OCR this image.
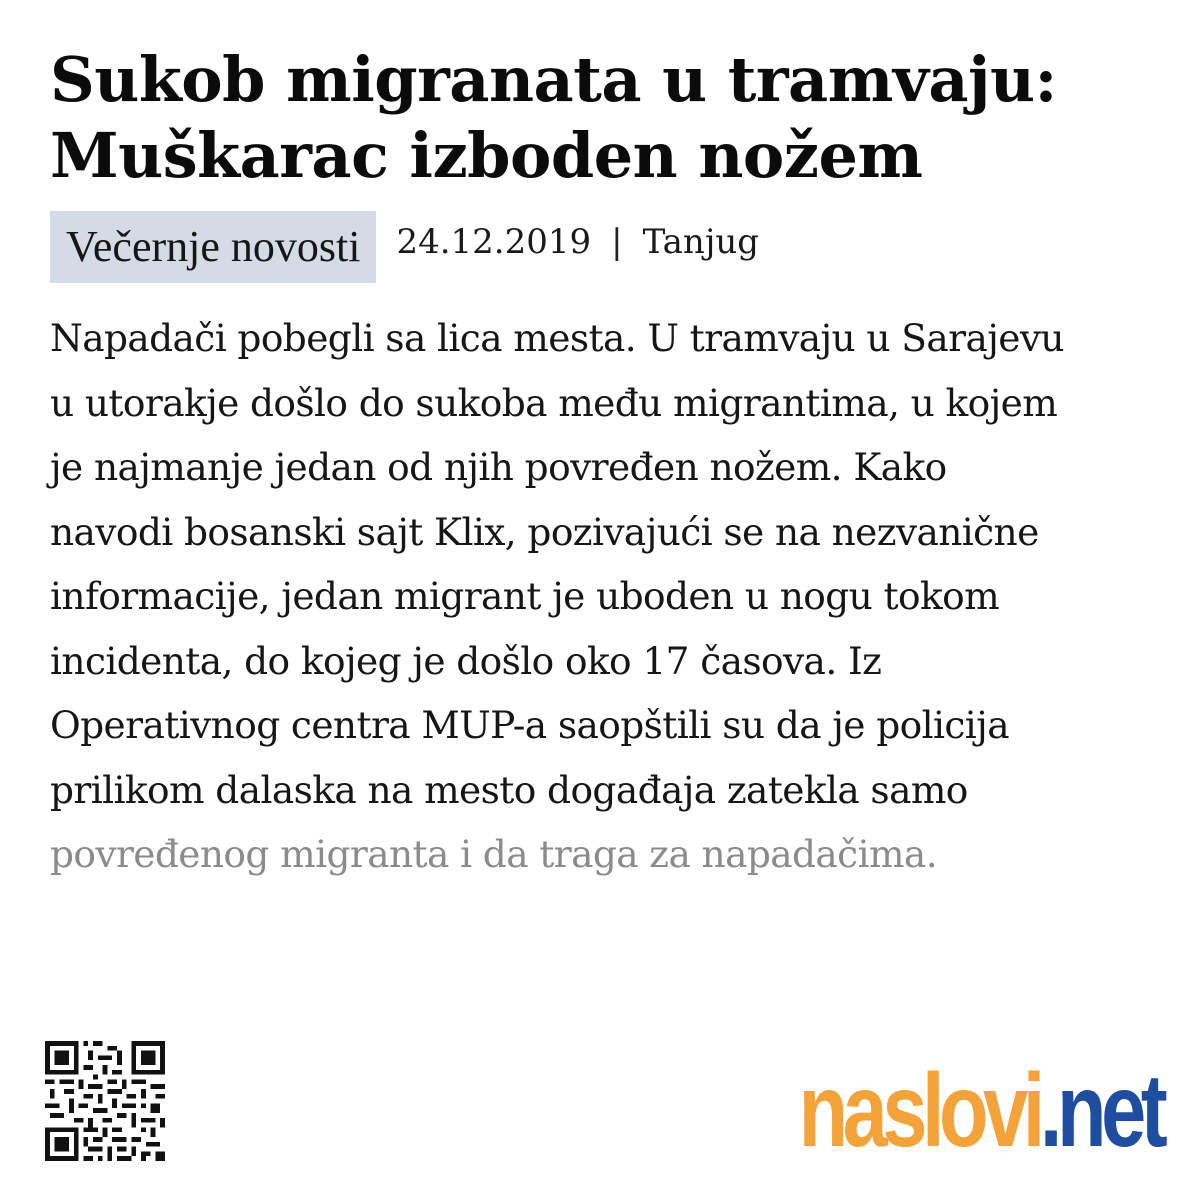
Sukob migranata u tramvaju:
Muškarac izboden nožem
Večernje novosti	24.12.2019 | Tanjug
Napadači pobegli sa lica mesta. U tramvaju u Sarajevu
u utorakje došlo do sukoba među migrantima, u kojem
je najmanje jedan od njih povređen nožem. Kako
navodi bosanski sajt Klix, pozivajući se na nezvanične
informacije, jedan migrant je uboden u nogu tokom
incidenta, do kojeg je došlo oko 17 časova. Iz
Operativnog centra MUP-a saopštili su da je policija
prilikom dalaska na mesto događaja zatekla samo
povređenog migranta i da traga za napadačima.
naslovi .net
